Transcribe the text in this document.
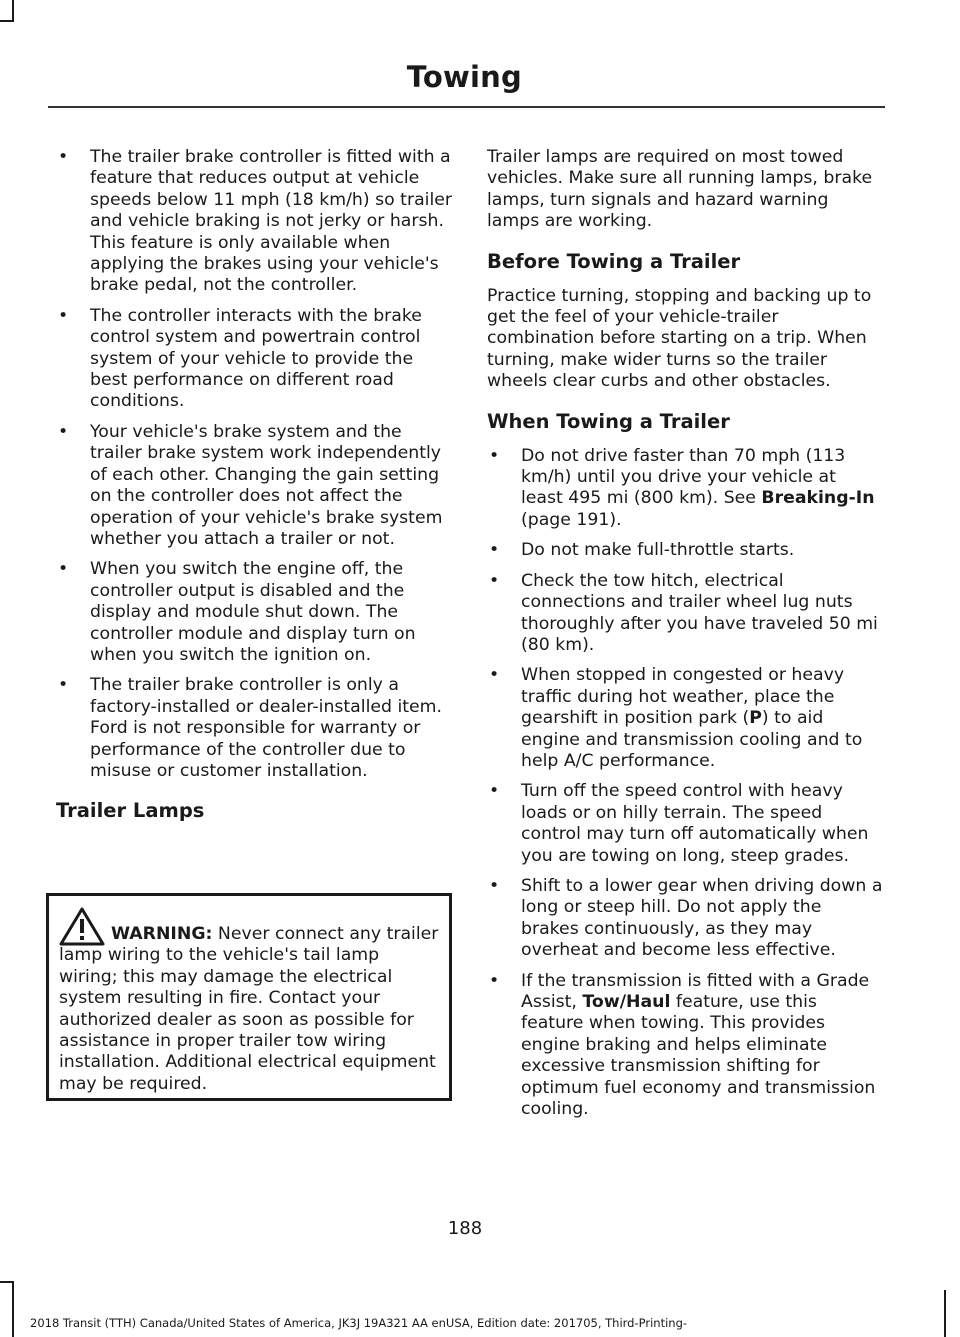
Towing
• The trailer brake controller is fitted with a feature that reduces output at vehicle speeds below 11 mph (18 km/h) so trailer and vehicle braking is not jerky or harsh. This feature is only available when applying the brakes using your vehicle's brake pedal, not the controller.
• The controller interacts with the brake control system and powertrain control system of your vehicle to provide the best performance on different road conditions.
• Your vehicle's brake system and the trailer brake system work independently of each other. Changing the gain setting on the controller does not affect the operation of your vehicle's brake system whether you attach a trailer or not.
• When you switch the engine off, the controller output is disabled and the display and module shut down. The controller module and display turn on when you switch the ignition on.
• The trailer brake controller is only a factory-installed or dealer-installed item. Ford is not responsible for warranty or performance of the controller due to misuse or customer installation.
Trailer Lamps
WARNING: Never connect any trailer lamp wiring to the vehicle's tail lamp wiring; this may damage the electrical system resulting in fire. Contact your authorized dealer as soon as possible for assistance in proper trailer tow wiring installation. Additional electrical equipment may be required.

Trailer lamps are required on most towed vehicles. Make sure all running lamps, brake lamps, turn signals and hazard warning lamps are working.

Before Towing a Trailer

Practice turning, stopping and backing up to get the feel of your vehicle-trailer combination before starting on a trip. When turning, make wider turns so the trailer wheels clear curbs and other obstacles.

When Towing a Trailer
• Do not drive faster than 70 mph (113 km/h) until you drive your vehicle at least 495 mi (800 km). See Breaking-In (page 191).
• Do not make full-throttle starts.
• Check the tow hitch, electrical connections and trailer wheel lug nuts thoroughly after you have traveled 50 mi (80 km).
• When stopped in congested or heavy traffic during hot weather, place the gearshift in position park (P) to aid engine and transmission cooling and to help A/C performance.
• Turn off the speed control with heavy loads or on hilly terrain. The speed control may turn off automatically when you are towing on long, steep grades.
• Shift to a lower gear when driving down a long or steep hill. Do not apply the brakes continuously, as they may overheat and become less effective.
• If the transmission is fitted with a Grade Assist, Tow/Haul feature, use this feature when towing. This provides engine braking and helps eliminate excessive transmission shifting for optimum fuel economy and transmission cooling.
188
2018 Transit (TTH) Canada/United States of America, JK3J 19A321 AA enUSA, Edition date: 201705, Third-Printing-
